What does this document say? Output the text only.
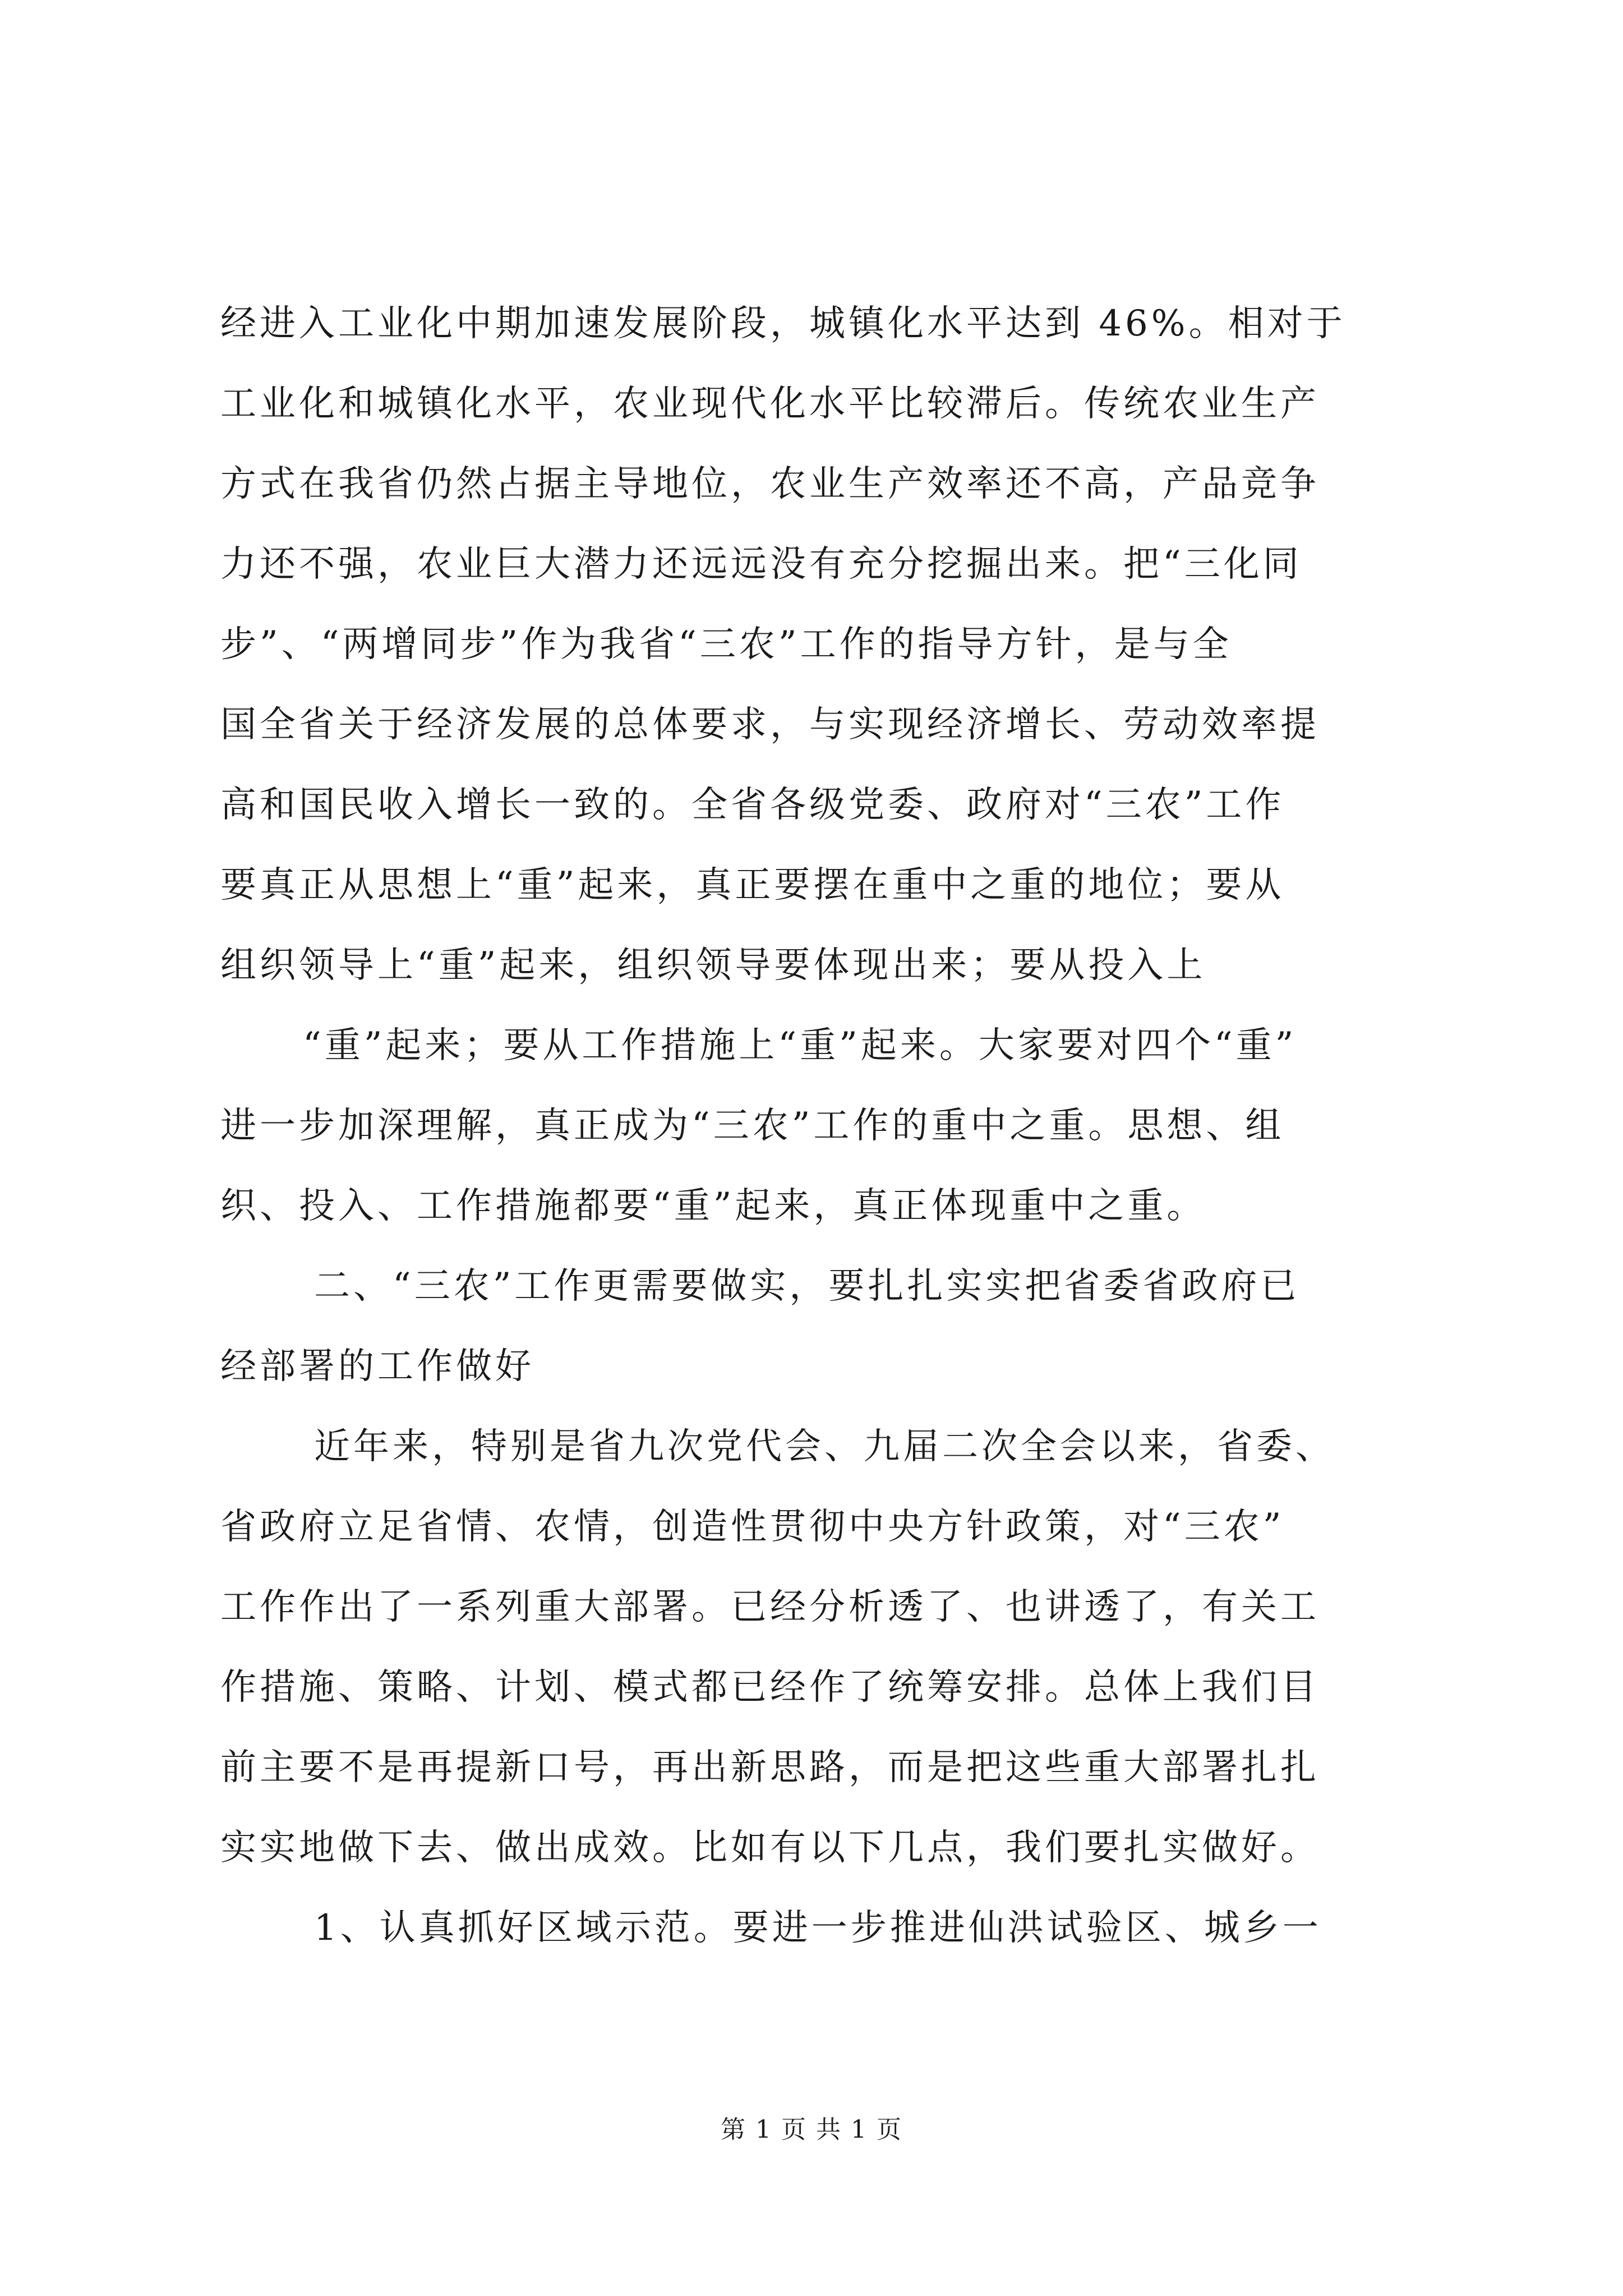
经进入工业化中期加速发展阶段，城镇化水平达到 46%。相对于
工业化和城镇化水平，农业现代化水平比较滞后。传统农业生产
方式在我省仍然占据主导地位，农业生产效率还不高，产品竞争
力还不强，农业巨大潜力还远远没有充分挖掘出来。把“三化同
步”、“两增同步”作为我省“三农”工作的指导方针，是与全
国全省关于经济发展的总体要求，与实现经济增长、劳动效率提
高和国民收入增长一致的。全省各级党委、政府对“三农”工作
要真正从思想上“重”起来，真正要摆在重中之重的地位；要从
组织领导上“重”起来，组织领导要体现出来；要从投入上
“重”起来；要从工作措施上“重”起来。大家要对四个“重”
进一步加深理解，真正成为“三农”工作的重中之重。思想、组
织、投入、工作措施都要“重”起来，真正体现重中之重。
二、“三农”工作更需要做实，要扎扎实实把省委省政府已
经部署的工作做好
近年来，特别是省九次党代会、九届二次全会以来，省委、
省政府立足省情、农情，创造性贯彻中央方针政策，对“三农”
工作作出了一系列重大部署。已经分析透了、也讲透了，有关工
作措施、策略、计划、模式都已经作了统筹安排。总体上我们目
前主要不是再提新口号，再出新思路，而是把这些重大部署扎扎
实实地做下去、做出成效。比如有以下几点，我们要扎实做好。
1、认真抓好区域示范。要进一步推进仙洪试验区、城乡一
第 1 页 共 1 页
